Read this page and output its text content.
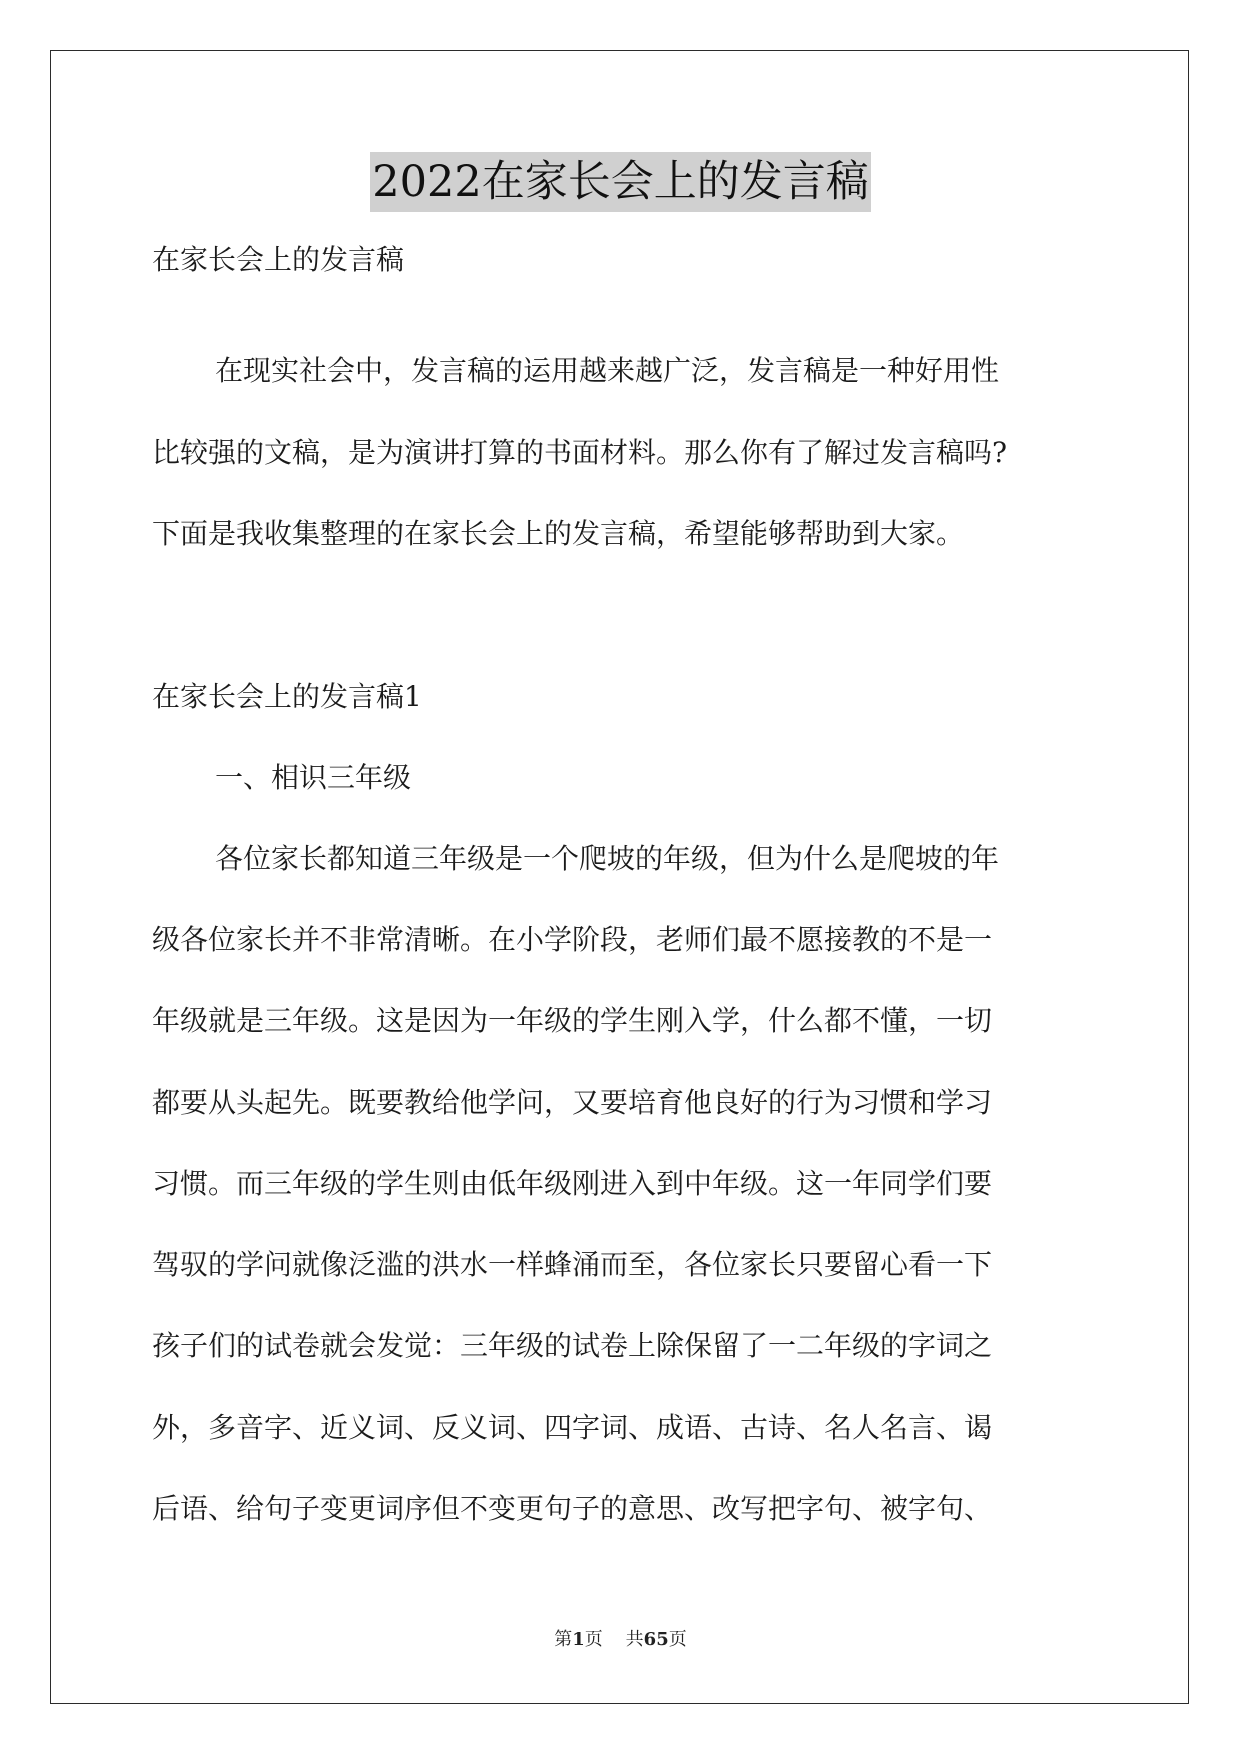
2022在家长会上的发言稿
在家长会上的发言稿
在现实社会中，发言稿的运用越来越广泛，发言稿是一种好用性
比较强的文稿，是为演讲打算的书面材料。那么你有了解过发言稿吗?
下面是我收集整理的在家长会上的发言稿，希望能够帮助到大家。
在家长会上的发言稿1
一、相识三年级
各位家长都知道三年级是一个爬坡的年级，但为什么是爬坡的年
级各位家长并不非常清晰。在小学阶段，老师们最不愿接教的不是一
年级就是三年级。这是因为一年级的学生刚入学，什么都不懂，一切
都要从头起先。既要教给他学问，又要培育他良好的行为习惯和学习
习惯。而三年级的学生则由低年级刚进入到中年级。这一年同学们要
驾驭的学问就像泛滥的洪水一样蜂涌而至，各位家长只要留心看一下
孩子们的试卷就会发觉：三年级的试卷上除保留了一二年级的字词之
外，多音字、近义词、反义词、四字词、成语、古诗、名人名言、谒
后语、给句子变更词序但不变更句子的意思、改写把字句、被字句、
第1页 共65页
